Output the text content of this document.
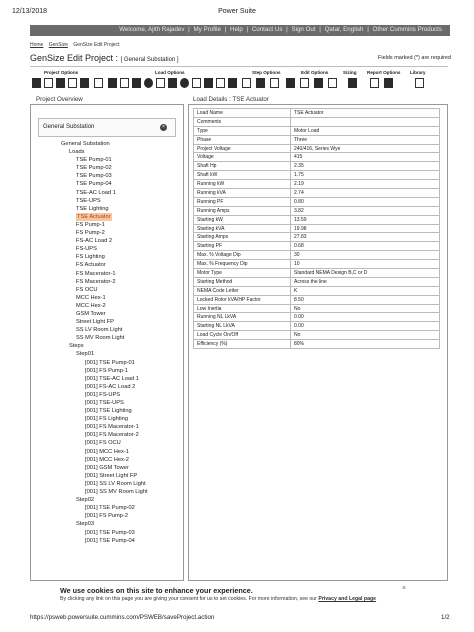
12/13/2018	Power Suite
Welcome, Ajith Rajadev | My Profile | Help | Contact Us | Sign Out | Qatar, English | Other Cummins Products
Home GenSize GenSize Edit Project
GenSize Edit Project : [ General Substation ]	Fields marked (*) are required
Project Options	Load Options	Step Options	Edit Options	Sizing Report Options Library
Project Overview	Load Details : TSE Actuator
General Substation	×
General Substation
Loads
TSE Pump-01
TSE Pump-02
TSE Pump-03
TSE Pump-04
TSE-AC Load 1
TSE-UPS
TSE Lighting
TSE Actuator
FS Pump-1
FS Pump-2
FS-AC Load 2
FS-UPS
FS Lighting
FS Actuator
FS Macerator-1
FS Macerator-2
FS OCU
MCC Hex-1
MCC Hex-2
GSM Tower
Street Light FP
SS LV Room Light
SS MV Room Light
Steps
Step01
[001] TSE Pump-01
[001] FS Pump-1
[001] TSE-AC Load 1
[001] FS-AC Load 2
[001] FS-UPS
[001] TSE-UPS
[001] TSE Lighting
[001] FS Lighting
[001] FS Macerator-1
[001] FS Macerator-2
[001] FS OCU
[001] MCC Hex-1
[001] MCC Hex-2
[001] GSM Tower
[001] Street Light FP
[001] SS LV Room Light
[001] SS MV Room Light
Step02
[001] TSE Pump-02
[001] FS Pump-2
Step03
[001] TSE Pump-03
[001] TSE Pump-04
Load Name	TSE Actuator
Comments	
Type	Motor Load
Phase	Three
Project Voltage	240/416, Series Wye
Voltage	415
Shaft Hp	2.35
Shaft kW	1.75
Running kW	2.19
Running kVA	2.74
Running PF	0.80
Running Amps	3.82
Starting kW	13.59
Starting kVA	19.98
Starting Amps	27.83
Starting PF	0.68
Max. % Voltage Dip	30
Max. % Frequency Dip	10
Motor Type	Standard NEMA Design B,C or D
Starting Method	Across the line
NEMA Code Letter	K
Locked Rotor kVA/HP Factor	8.50
Low Inertia	No
Running NL LkVA	0.00
Starting NL LkVA	0.00
Load Cycle On/Off	No
Efficiency (%)	80%
We use cookies on this site to enhance your experience.
By clicking any link on this page you are giving your consent for us to set cookies. For more information, see our Privacy and Legal page
×
https://psweb.powersuite.cummins.com/PSWEB/saveProject.action	1/2
